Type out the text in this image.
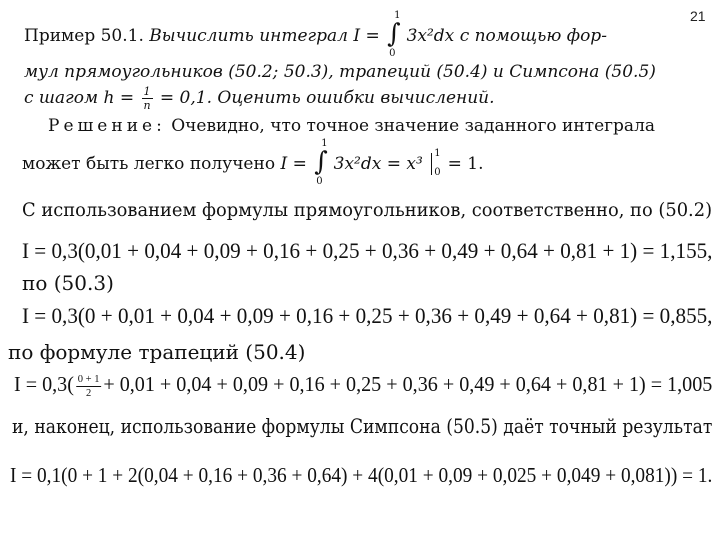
21
Пример 50.1. Вычислить интеграл I = ∫
1
0
3x²dx с помощью фор-
мул прямоугольников (50.2; 50.3), трапеций (50.4) и Симпсона (50.5)
с шагом $h = \frac{1}{n} = 0,1$. Оценить ошибки вычислений.
Решение: Очевидно, что точное значение заданного интеграла
может быть легко получено I = ∫
1
0
3x²dx = x³
1
0 = 1.
С использованием формулы прямоугольников, соответственно, по (50.2)
I = 0,3(0,01 + 0,04 + 0,09 + 0,16 + 0,25 + 0,36 + 0,49 + 0,64 + 0,81 + 1) = 1,155,
по (50.3)
I = 0,3(0 + 0,01 + 0,04 + 0,09 + 0,16 + 0,25 + 0,36 + 0,49 + 0,64 + 0,81) = 0,855,
по формуле трапеций (50.4)
$I = 0,3( \frac{0 + 1}{2} + 0,01 + 0,04 + 0,09 + 0,16 + 0,25 + 0,36 + 0,49 + 0,64 + 0,81 + 1) = 1,005$
и, наконец, использование формулы Симпсона (50.5) даёт точный результат
I = 0,1(0 + 1 + 2(0,04 + 0,16 + 0,36 + 0,64) + 4(0,01 + 0,09 + 0,025 + 0,049 + 0,081)) = 1.
